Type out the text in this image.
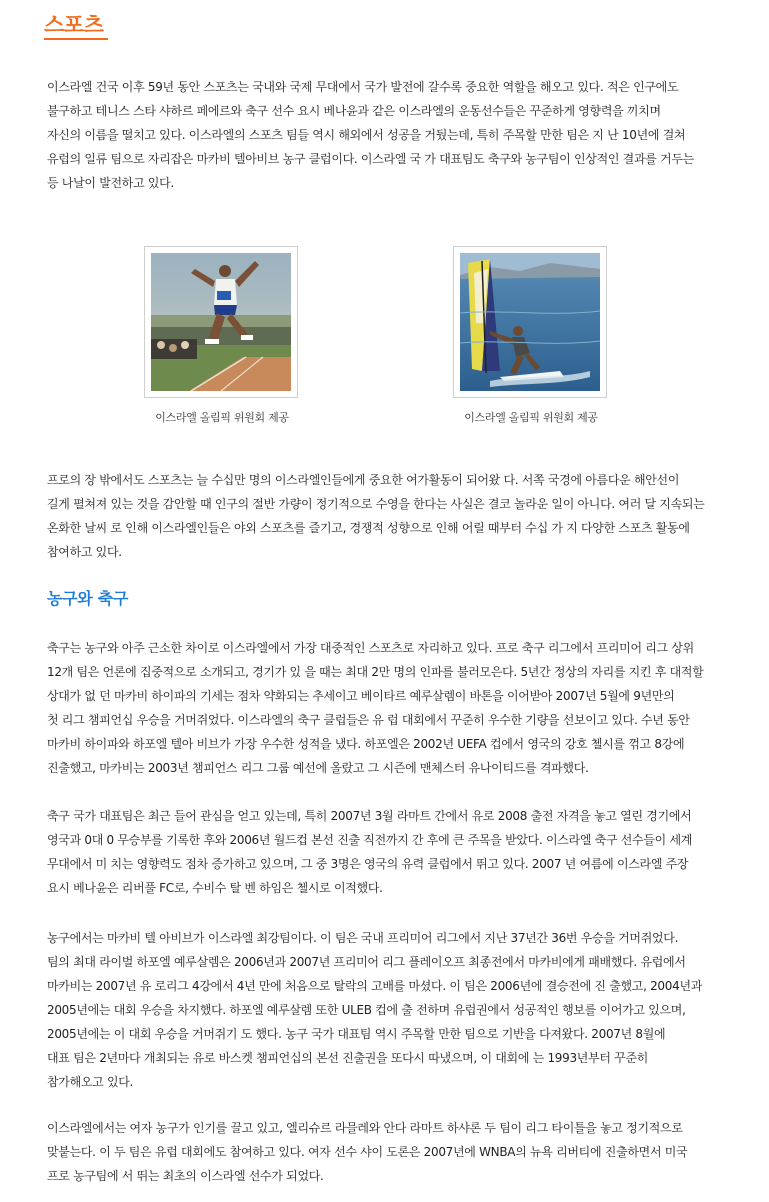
스포츠

이스라엘 건국 이후 59년 동안 스포츠는 국내와 국제 무대에서 국가 발전에 갈수록 중요한 역할을 해오고 있다. 적은 인구에도
불구하고 테니스 스타 샤하르 페에르와 축구 선수 요시 베나윤과 같은 이스라엘의 운동선수들은 꾸준하게 영향력을 끼치며
자신의 이름을 떨치고 있다. 이스라엘의 스포츠 팀들 역시 해외에서 성공을 거뒀는데, 특히 주목할 만한 팀은 지 난 10년에 걸쳐
유럽의 일류 팀으로 자리잡은 마카비 텔아비브 농구 클럽이다. 이스라엘 국 가 대표팀도 축구와 농구팀이 인상적인 결과를 거두는
등 나날이 발전하고 있다.

이스라엘 올림픽 위원회 제공	이스라엘 올림픽 위원회 제공

프로의 장 밖에서도 스포츠는 늘 수십만 명의 이스라엘인들에게 중요한 여가활동이 되어왔 다. 서쪽 국경에 아름다운 해안선이
길게 펼쳐져 있는 것을 감안할 때 인구의 절반 가량이 정기적으로 수영을 한다는 사실은 결코 놀라운 일이 아니다. 여러 달 지속되는
온화한 날씨 로 인해 이스라엘인들은 야외 스포츠를 즐기고, 경쟁적 성향으로 인해 어릴 때부터 수십 가 지 다양한 스포츠 활동에
참여하고 있다.

농구와 축구

축구는 농구와 아주 근소한 차이로 이스라엘에서 가장 대중적인 스포츠로 자리하고 있다. 프로 축구 리그에서 프리미어 리그 상위
12개 팀은 언론에 집중적으로 소개되고, 경기가 있 을 때는 최대 2만 명의 인파를 불러모은다. 5년간 정상의 자리를 지킨 후 대적할
상대가 없 던 마카비 하이파의 기세는 점차 약화되는 추세이고 베이타르 예루살렘이 바톤을 이어받아 2007년 5월에 9년만의
첫 리그 챔피언십 우승을 거머쥐었다. 이스라엘의 축구 클럽들은 유 럽 대회에서 꾸준히 우수한 기량을 선보이고 있다. 수년 동안
마카비 하이파와 하포엘 텔아 비브가 가장 우수한 성적을 냈다. 하포엘은 2002년 UEFA 컵에서 영국의 강호 첼시를 꺾고 8강에
진출했고, 마카비는 2003년 챔피언스 리그 그룹 예선에 올랐고 그 시즌에 맨체스터 유나이티드를 격파했다.

축구 국가 대표팀은 최근 들어 관심을 얻고 있는데, 특히 2007년 3월 라마트 간에서 유로 2008 출전 자격을 놓고 열린 경기에서
영국과 0대 0 무승부를 기록한 후와 2006년 월드컵 본선 진출 직전까지 간 후에 큰 주목을 받았다. 이스라엘 축구 선수들이 세계
무대에서 미 치는 영향력도 점차 증가하고 있으며, 그 중 3명은 영국의 유력 클럽에서 뛰고 있다. 2007 년 여름에 이스라엘 주장
요시 베나윤은 리버풀 FC로, 수비수 탈 벤 하임은 첼시로 이적했다.

농구에서는 마카비 텔 아비브가 이스라엘 최강팀이다. 이 팀은 국내 프리미어 리그에서 지난 37년간 36번 우승을 거머쥐었다.
팀의 최대 라이벌 하포엘 예루살렘은 2006년과 2007년 프리미어 리그 플레이오프 최종전에서 마카비에게 패배했다. 유럽에서
마카비는 2007년 유 로리그 4강에서 4년 만에 처음으로 탈락의 고배를 마셨다. 이 팀은 2006년에 결승전에 진 출했고, 2004년과
2005년에는 대회 우승을 차지했다. 하포엘 예루살렘 또한 ULEB 컵에 출 전하며 유럽권에서 성공적인 행보를 이어가고 있으며,
2005년에는 이 대회 우승을 거머쥐기 도 했다. 농구 국가 대표팀 역시 주목할 만한 팀으로 기반을 다져왔다. 2007년 8월에
대표 팀은 2년마다 개최되는 유로 바스켓 챔피언십의 본선 진출권을 또다시 따냈으며, 이 대회에 는 1993년부터 꾸준히
참가해오고 있다.

이스라엘에서는 여자 농구가 인기를 끌고 있고, 엘리슈르 라믈레와 안다 라마트 하샤론 두 팀이 리그 타이틀을 놓고 정기적으로
맞붙는다. 이 두 팀은 유럽 대회에도 참여하고 있다. 여자 선수 샤이 도론은 2007년에 WNBA의 뉴욕 리버티에 진출하면서 미국
프로 농구팀에 서 뛰는 최초의 이스라엘 선수가 되었다.
